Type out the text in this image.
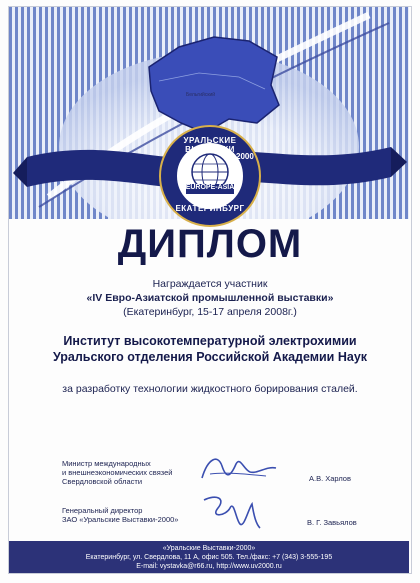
Бельгийский
УРАЛЬСКИЕ ВЫСТАВКИ
2000
EUROPE-ASIA
ЕКАТЕРИНБУРГ
ДИПЛОМ
Награждается участник
«IV Евро-Азиатской промышленной выставки»
(Екатеринбург, 15-17 апреля 2008г.)
Институт высокотемпературной электрохимии
Уральского отделения Российской Академии Наук
за разработку технологии жидкостного борирования сталей.
Министр международных
и внешнеэкономических связей
Свердловской области	А.В. Харлов
Генеральный директор
ЗАО «Уральские Выставки-2000»	В. Г. Завьялов
«Уральские Выставки-2000»
Екатеринбург, ул. Свердлова, 11 А, офис 505. Тел./факс: +7 (343) 3-555-195
E-mail: vystavka@r66.ru, http://www.uv2000.ru
